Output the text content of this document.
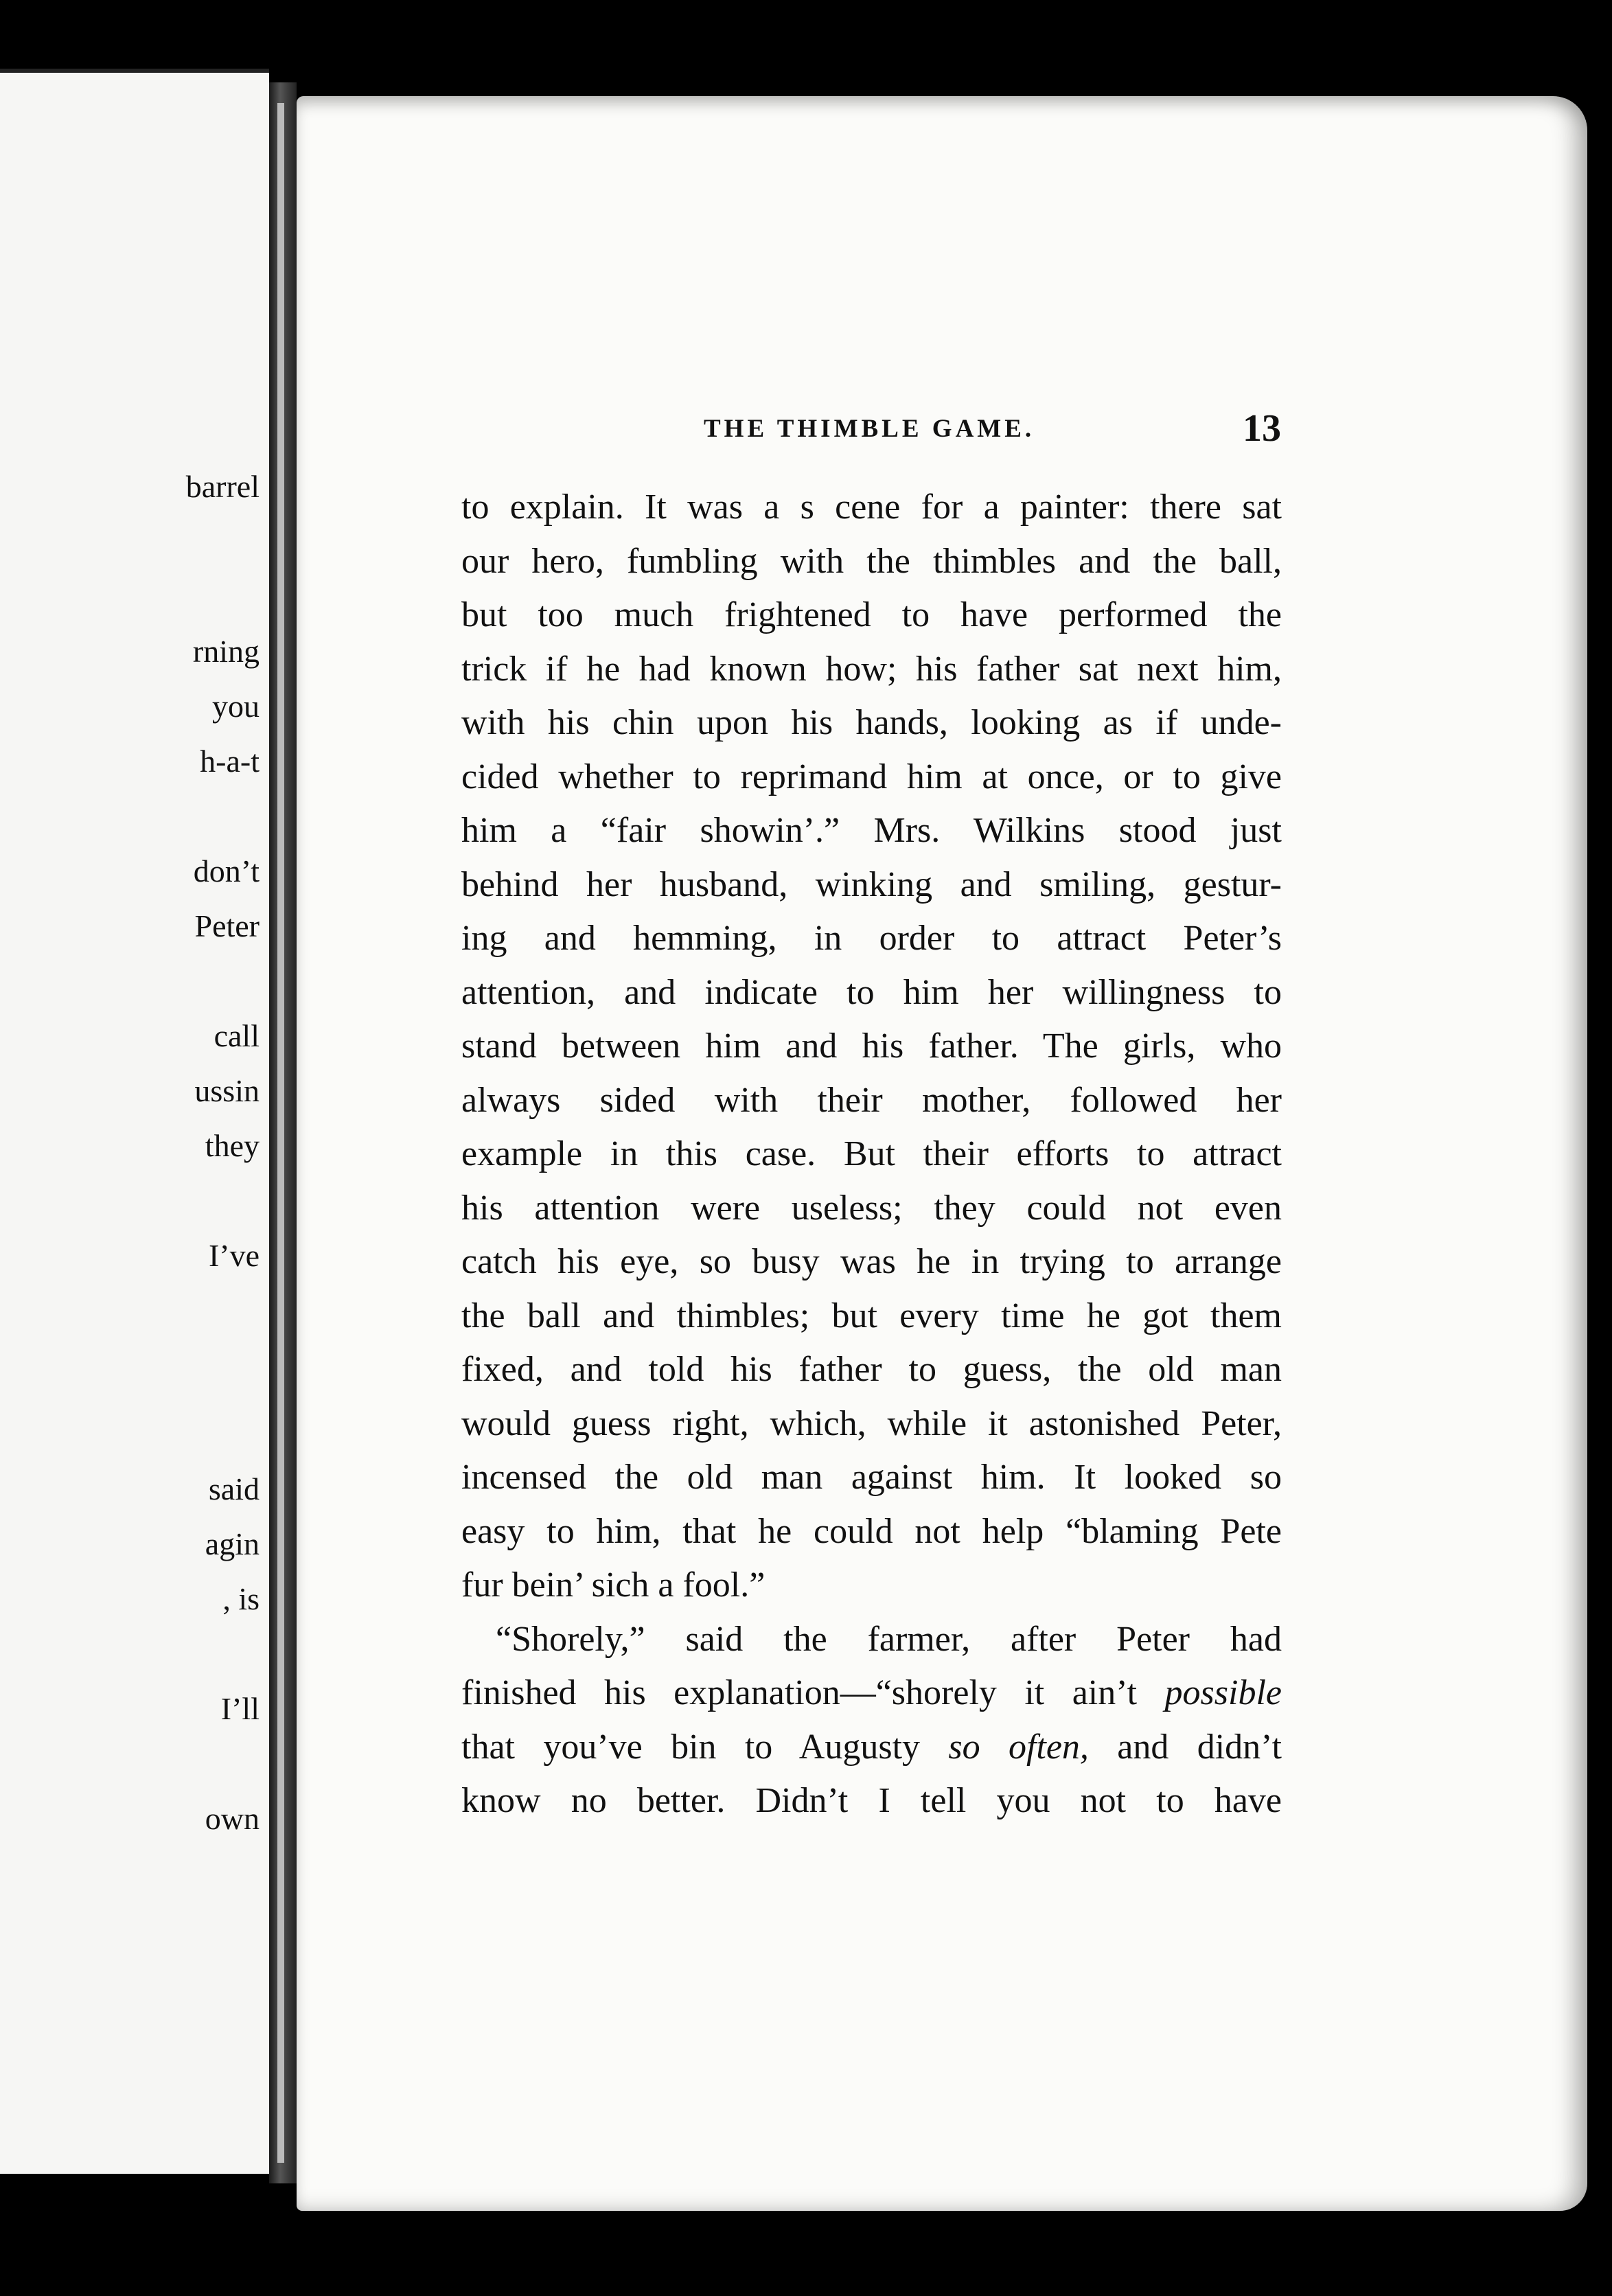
barrel
rning
you
h-a-t
don’t
Peter
call
ussin
they
I’ve
said
agin
, is
I’ll
own
THE THIMBLE GAME.	13
to explain. It was a s cene for a painter: there sat
our hero, fumbling with the thimbles and the ball,
but too much frightened to have performed the
trick if he had known how; his father sat next him,
with his chin upon his hands, looking as if unde-
cided whether to reprimand him at once, or to give
him a “fair showin’.” Mrs. Wilkins stood just
behind her husband, winking and smiling, gestur-
ing and hemming, in order to attract Peter’s
attention, and indicate to him her willingness to
stand between him and his father. The girls, who
always sided with their mother, followed her
example in this case. But their efforts to attract
his attention were useless; they could not even
catch his eye, so busy was he in trying to arrange
the ball and thimbles; but every time he got them
fixed, and told his father to guess, the old man
would guess right, which, while it astonished Peter,
incensed the old man against him. It looked so
easy to him, that he could not help “blaming Pete
fur bein’ sich a fool.”
“Shorely,” said the farmer, after Peter had
finished his explanation—“shorely it ain’t possible
that you’ve bin to Augusty so often, and didn’t
know no better. Didn’t I tell you not to have
